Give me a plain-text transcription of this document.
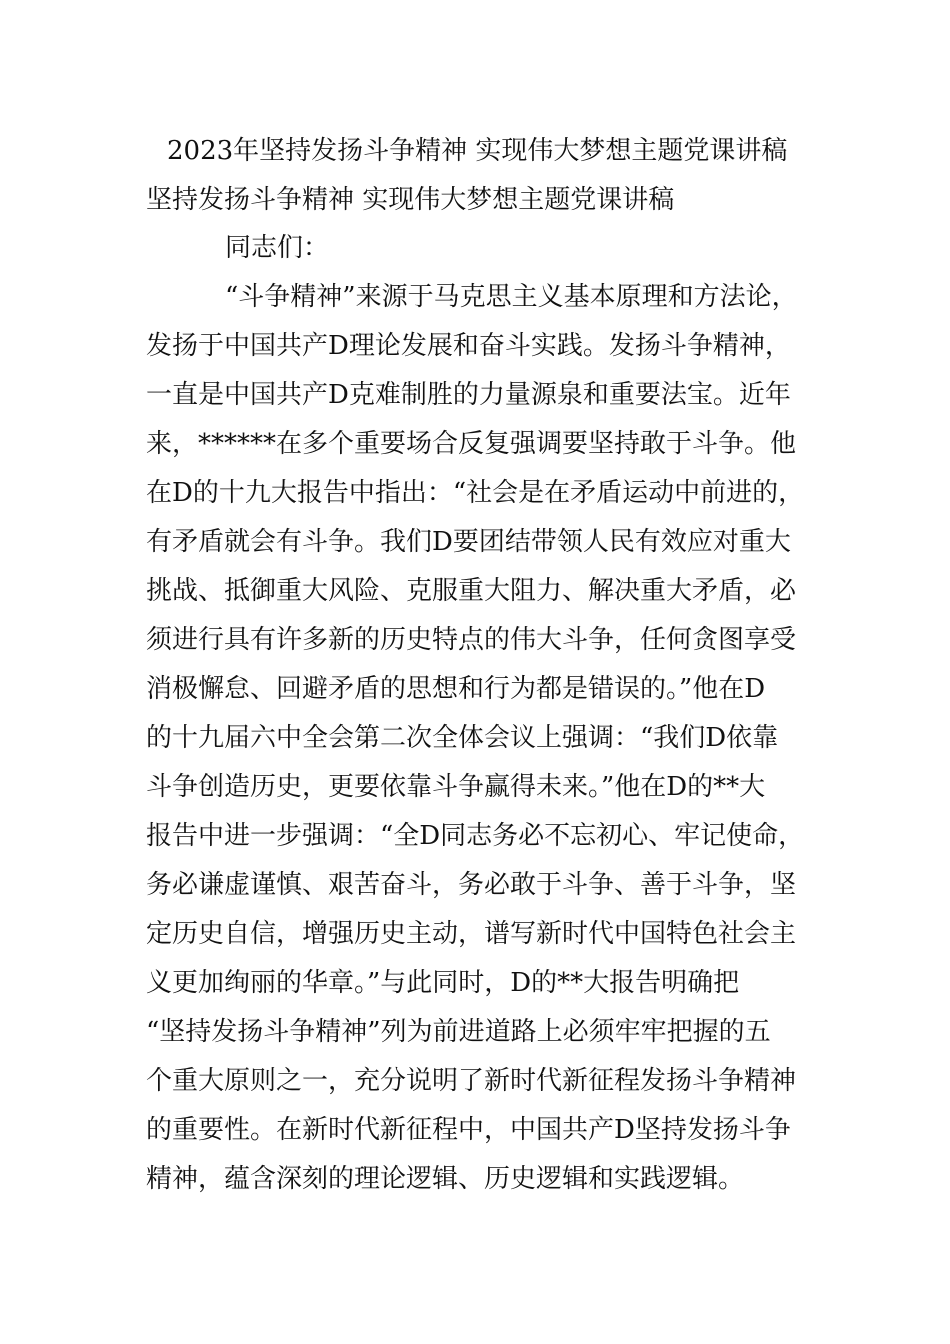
2023年坚持发扬斗争精神 实现伟大梦想主题党课讲稿
坚持发扬斗争精神 实现伟大梦想主题党课讲稿

同志们：

“斗争精神”来源于马克思主义基本原理和方法论，

发扬于中国共产D理论发展和奋斗实践。发扬斗争精神，

一直是中国共产D克难制胜的力量源泉和重要法宝。近年

来，******在多个重要场合反复强调要坚持敢于斗争。他

在D的十九大报告中指出：“社会是在矛盾运动中前进的，

有矛盾就会有斗争。我们D要团结带领人民有效应对重大

挑战、抵御重大风险、克服重大阻力、解决重大矛盾，必

须进行具有许多新的历史特点的伟大斗争，任何贪图享受

消极懈怠、回避矛盾的思想和行为都是错误的。”他在D

的十九届六中全会第二次全体会议上强调：“我们D依靠

斗争创造历史，更要依靠斗争赢得未来。”他在D的**大

报告中进一步强调：“全D同志务必不忘初心、牢记使命，

务必谦虚谨慎、艰苦奋斗，务必敢于斗争、善于斗争，坚

定历史自信，增强历史主动，谱写新时代中国特色社会主

义更加绚丽的华章。”与此同时，D的**大报告明确把

“坚持发扬斗争精神”列为前进道路上必须牢牢把握的五

个重大原则之一，充分说明了新时代新征程发扬斗争精神

的重要性。在新时代新征程中，中国共产D坚持发扬斗争

精神，蕴含深刻的理论逻辑、历史逻辑和实践逻辑。
